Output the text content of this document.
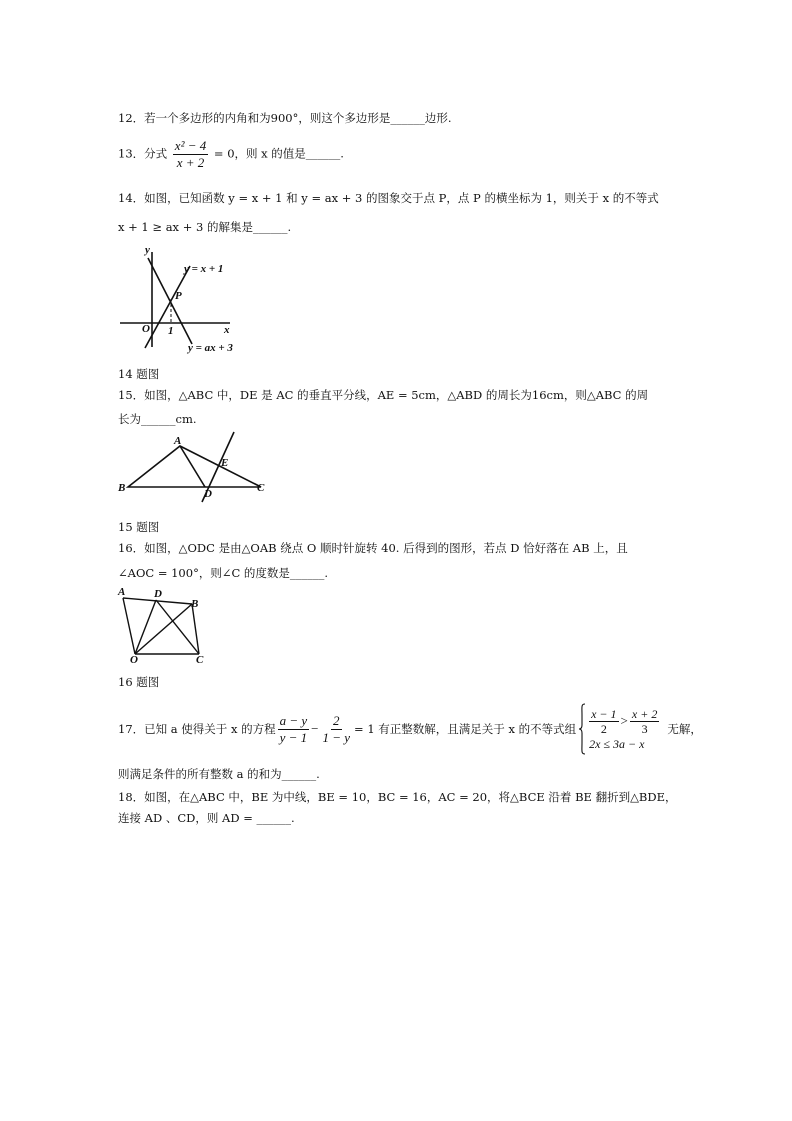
12．若一个多边形的内角和为900°，则这个多边形是______边形.
13．分式 $\frac{\text{x² − 4}}{x + 2} = 0$，则 x 的值是______.
14．如图，已知函数 y = x + 1 和 y = ax + 3 的图象交于点 P，点 P 的横坐标为 1，则关于 x 的不等式
x + 1 ≥ ax + 3 的解集是______.
y
x
O
P
1
y = x + 1
y = ax + 3
14 题图
15．如图，△ABC 中，DE 是 AC 的垂直平分线，AE = 5cm，△ABD 的周长为16cm，则△ABC 的周
长为______cm.
A
B	C
D
E
15 题图
16．如图，△ODC 是由△OAB 绕点 O 顺时针旋转 40. 后得到的图形，若点 D 恰好落在 AB 上，且
∠AOC = 100°，则∠C 的度数是______.
A	D
B
O	C
16 题图
17． 已知 a 使得关于 x 的方程 $\frac{a - y}{y - 1} - \frac{2}{1 - y} = 1$ 有正整数解，且满足关于 x 的不等式组 $\frac{x - 1}{2} > \frac{x + 2}{3}$
2x ≤ 3a − x
无解，
则满足条件的所有整数 a 的和为______.
18．如图，在△ABC 中，BE 为中线，BE = 10，BC = 16，AC = 20，将△BCE 沿着 BE 翻折到△BDE，
连接 AD 、CD，则 AD = ______.
